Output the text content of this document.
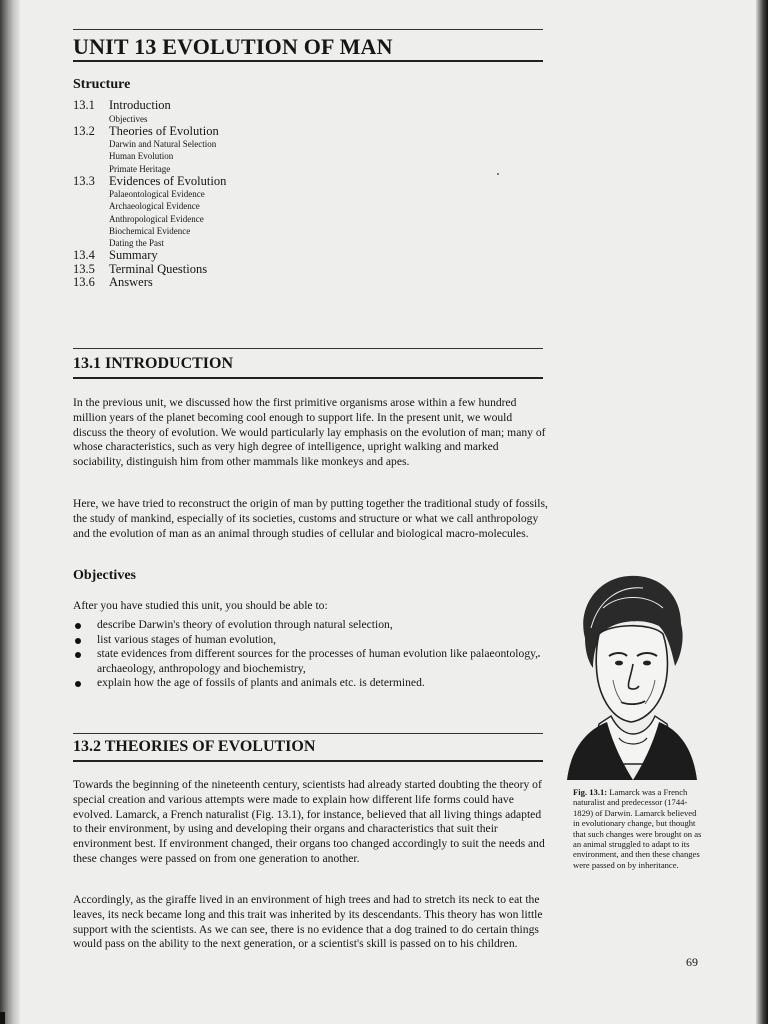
UNIT 13 EVOLUTION OF MAN
Structure
13.1	Introduction
Objectives
13.2	Theories of Evolution
Darwin and Natural Selection
Human Evolution
Primate Heritage
13.3	Evidences of Evolution
Palaeontological Evidence
Archaeological Evidence
Anthropological Evidence
Biochemical Evidence
Dating the Past
13.4	Summary
13.5	Terminal Questions
13.6	Answers
13.1 INTRODUCTION

In the previous unit, we discussed how the first primitive organisms arose within a few hundred million years of the planet becoming cool enough to support life. In the present unit, we would discuss the theory of evolution. We would particularly lay emphasis on the evolution of man; many of whose characteristics, such as very high degree of intelligence, upright walking and marked sociability, distinguish him from other mammals like monkeys and apes.

Here, we have tried to reconstruct the origin of man by putting together the traditional study of fossils, the study of mankind, especially of its societies, customs and structure or what we call anthropology and the evolution of man as an animal through studies of cellular and biological macro-molecules.

Objectives

After you have studied this unit, you should be able to:

describe Darwin's theory of evolution through natural selection,
list various stages of human evolution,
state evidences from different sources for the processes of human evolution like palaeontology, archaeology, anthropology and biochemistry,
explain how the age of fossils of plants and animals etc. is determined.
13.2 THEORIES OF EVOLUTION

Towards the beginning of the nineteenth century, scientists had already started doubting the theory of special creation and various attempts were made to explain how different life forms could have evolved. Lamarck, a French naturalist (Fig. 13.1), for instance, believed that all living things adapted to their environment, by using and developing their organs and characteristics that suit their environment best. If environment changed, their organs too changed accordingly to suit the needs and these changes were passed on from one generation to another.

Accordingly, as the giraffe lived in an environment of high trees and had to stretch its neck to eat the leaves, its neck became long and this trait was inherited by its descendants. This theory has won little support with the scientists. As we can see, there is no evidence that a dog trained to do certain things would pass on the ability to the next generation, or a scientist's skill is passed on to his children.

Fig. 13.1: Lamarck was a French naturalist and predecessor (1744-1829) of Darwin. Lamarck believed in evolutionary change, but thought that such changes were brought on as an animal struggled to adapt to its environment, and then these changes were passed on by inheritance.
69
